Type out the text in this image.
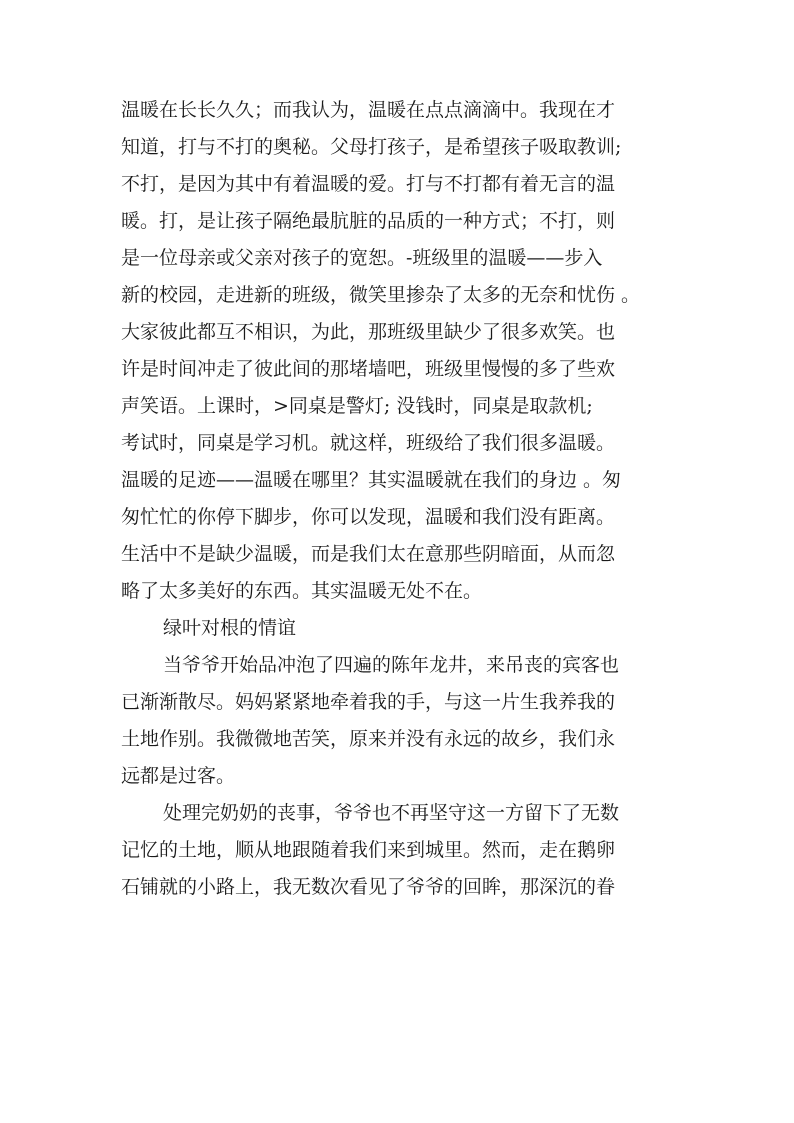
温暖在长长久久；而我认为，温暖在点点滴滴中。我现在才

知道，打与不打的奥秘。父母打孩子，是希望孩子吸取教训;

不打，是因为其中有着温暖的爱。打与不打都有着无言的温

暖。打，是让孩子隔绝最肮脏的品质的一种方式；不打，则

是一位母亲或父亲对孩子的宽恕。-班级里的温暖——步入

新的校园，走进新的班级，微笑里掺杂了太多的无奈和忧伤 。

大家彼此都互不相识，为此，那班级里缺少了很多欢笑。也

许是时间冲走了彼此间的那堵墙吧，班级里慢慢的多了些欢

声笑语。上课时，>同桌是警灯; 没钱时，同桌是取款机;

考试时，同桌是学习机。就这样，班级给了我们很多温暖。

温暖的足迹——温暖在哪里？其实温暖就在我们的身边 。匆

匆忙忙的你停下脚步，你可以发现，温暖和我们没有距离。

生活中不是缺少温暖，而是我们太在意那些阴暗面，从而忽

略了太多美好的东西。其实温暖无处不在。

绿叶对根的情谊

当爷爷开始品冲泡了四遍的陈年龙井，来吊丧的宾客也

已渐渐散尽。妈妈紧紧地牵着我的手，与这一片生我养我的

土地作别。我微微地苦笑，原来并没有永远的故乡，我们永

远都是过客。

处理完奶奶的丧事，爷爷也不再坚守这一方留下了无数

记忆的土地，顺从地跟随着我们来到城里。然而，走在鹅卵

石铺就的小路上，我无数次看见了爷爷的回眸，那深沉的眷
